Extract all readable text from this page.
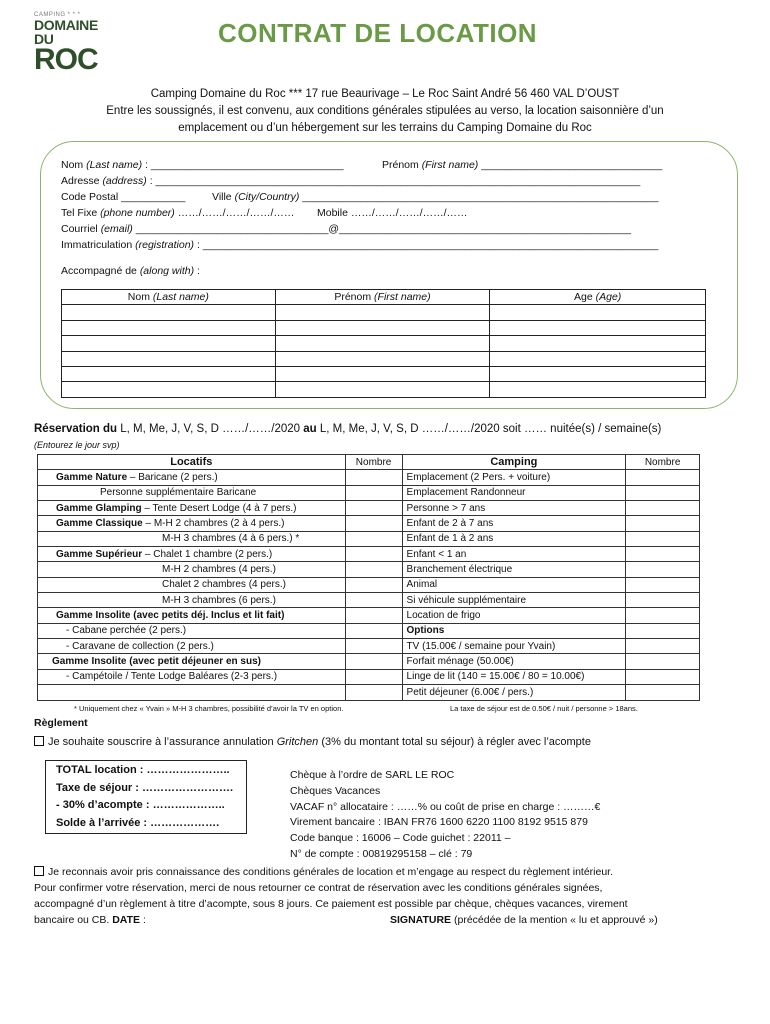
CAMPING * * *
DOMAINE DU
ROC
CONTRAT DE LOCATION
Camping Domaine du Roc *** 17 rue Beaurivage – Le Roc Saint André 56 460 VAL D’OUST
Entre les soussignés, il est convenu, aux conditions générales stipulées au verso, la location saisonnière d’un
emplacement ou d’un hébergement sur les terrains du Camping Domaine du Roc
Nom (Last name) : _________________________________	Prénom (First name) _______________________________
Adresse (address) : ___________________________________________________________________________________
Code Postal ___________	Ville (City/Country) _____________________________________________________________
Tel Fixe (phone number) ……/……/……/……/…… Mobile ……/……/……/……/……
Courriel (email) _________________________________@__________________________________________________
Immatriculation (registration) : ______________________________________________________________________________
Accompagné de (along with) :
Nom (Last name)	Prénom (First name)	Age (Age)

Réservation du L, M, Me, J, V, S, D ……/……/2020 au L, M, Me, J, V, S, D ……/……/2020 soit …… nuitée(s) / semaine(s)
(Entourez le jour svp)
Locatifs	Nombre	Camping	Nombre
Gamme Nature – Baricane (2 pers.)		Emplacement (2 Pers. + voiture)	
Personne supplémentaire Baricane		Emplacement Randonneur	
Gamme Glamping – Tente Desert Lodge (4 à 7 pers.)		Personne > 7 ans	
Gamme Classique – M-H 2 chambres (2 à 4 pers.)		Enfant de 2 à 7 ans	
M-H 3 chambres (4 à 6 pers.) *		Enfant de 1 à 2 ans	
Gamme Supérieur – Chalet 1 chambre (2 pers.)		Enfant < 1 an	
M-H 2 chambres (4 pers.)		Branchement électrique	
Chalet 2 chambres (4 pers.)		Animal	
M-H 3 chambres (6 pers.)		Si véhicule supplémentaire	
Gamme Insolite (avec petits déj. Inclus et lit fait)		Location de frigo	
- Cabane perchée (2 pers.)		Options	
- Caravane de collection (2 pers.)		TV (15.00€ / semaine pour Yvain)	
Gamme Insolite (avec petit déjeuner en sus)		Forfait ménage (50.00€)	
- Campétoile / Tente Lodge Baléares (2-3 pers.)		Linge de lit (140 = 15.00€ / 80 = 10.00€)	
		Petit déjeuner (6.00€ / pers.)	
* Uniquement chez « Yvain » M-H 3 chambres, possibilité d’avoir la TV en option.	La taxe de séjour est de 0.50€ / nuit / personne > 18ans.
Règlement
Je souhaite souscrire à l’assurance annulation Gritchen (3% du montant total su séjour) à régler avec l’acompte
TOTAL location : …………………..
Taxe de séjour : …………………….
- 30% d’acompte : ………………..
Solde à l’arrivée : ……………….
Chèque à l’ordre de SARL LE ROC
Chèques Vacances
VACAF n° allocataire : ……% ou coût de prise en charge : ………€
Virement bancaire : IBAN FR76 1600 6220 1100 8192 9515 879
Code banque : 16006 – Code guichet : 22011 –
N° de compte : 00819295158 – clé : 79
Je reconnais avoir pris connaissance des conditions générales de location et m’engage au respect du règlement intérieur.
Pour confirmer votre réservation, merci de nous retourner ce contrat de réservation avec les conditions générales signées,
accompagné d’un règlement à titre d’acompte, sous 8 jours. Ce paiement est possible par chèque, chèques vacances, virement
bancaire ou CB. DATE :	SIGNATURE (précédée de la mention « lu et approuvé »)
